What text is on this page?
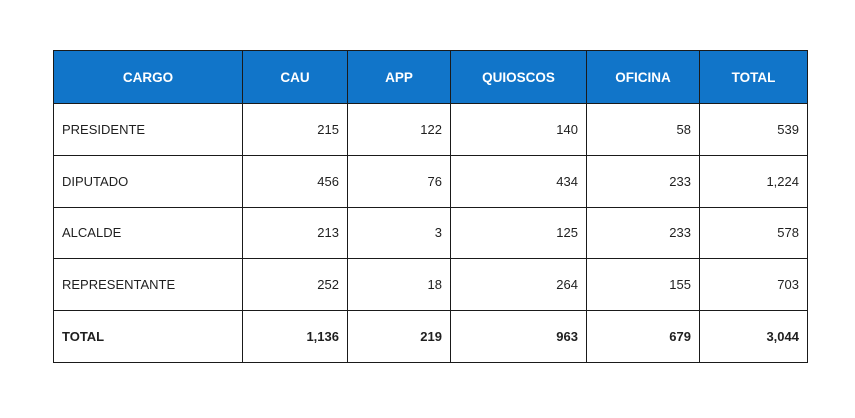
CARGO	CAU	APP	QUIOSCOS	OFICINA	TOTAL
PRESIDENTE	215	122	140	58	539
DIPUTADO	456	76	434	233	1,224
ALCALDE	213	3	125	233	578
REPRESENTANTE	252	18	264	155	703
TOTAL	1,136	219	963	679	3,044
